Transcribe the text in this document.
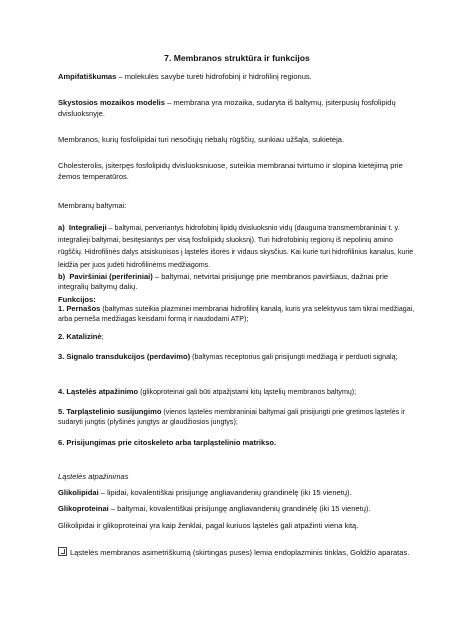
7. Membranos struktūra ir funkcijos
Ampifatiškumas – molekulės savybė turėti hidrofobinį ir hidrofilinį regionus.
Skystosios mozaikos modelis – membrana yra mozaika, sudaryta iš baltymų, įsiterpusių fosfolipidų dvisluoksnyje.
Membranos, kurių fosfolipidai turi nesočiųjų riebalų rūgščių, sunkiau užšąla, sukietėja.
Cholesterolis, įsiterpęs fosfolipidų dvisluoksniuose, suteikia membranai tvirtumo ir slopina kietėjimą prie žemos temperatūros.
Membranų baltymai:
a) Integralieji – baltymai, perveriantys hidrofobinį lipidų dvisluoksnio vidų (dauguma transmembraniniai t. y. integralieji baltymai, besitęsiantys per visą fosfolipidų sluoksnį). Turi hidrofobinių regionų iš nepolinių amino rūgščių. Hidrofilinės dalys atsiskuoisos į ląstelės išorės ir vidaus skysčius. Kai kurie turi hidrofilinius kanalus, kurie leidžia per juos judėti hidrofilinėms medžiagoms.
b) Paviršiniai (periferiniai) – baltymai, netvirtai prisijungę prie membranos paviršiaus, dažnai prie integralių baltymų dalių.
Funkcijos:
1. Pernašos (baltymas suteikia plazminei membranai hidrofilinį kanalą, kuris yra selektyvus tam tikrai medžiagai, arba perneša medžiagas keisdami formą ir naudodami ATP);
2. Katalizinė;
3. Signalo transdukcijos (perdavimo) (baltymas receptorius gali prisijungti medžiagą ir perduoti signalą;
4. Ląstelės atpažinimo (glikoproteinai gali būti atpažįstami kitų ląstelių membranos baltymų);
5. Tarpląstelinio susijungimo (vienos ląstelės membraniniai baltymai gali prisijungti prie gretimos ląstelės ir sudaryti jungtis (plyšinės jungtys ar glaudžiosios jungtys);
6. Prisijungimas prie citoskeleto arba tarpląstelinio matrikso.
Ląstelės atpažinimas
Glikolipidai – lipidai, kovalentiškai prisijungę angliavandenių grandinėlę (iki 15 vienetų).
Glikoproteinai – baltymai, kovalentiškai prisijungę angliavandenių grandinėlę (iki 15 vienetų).
Glikolipidai ir glikoproteinai yra kaip ženklai, pagal kuriuos ląstelės gali atpažinti viena kitą.
Ląstelės membranos asimetriškumą (skirtingas puses) lemia endoplazminis tinklas, Goldžio aparatas.
